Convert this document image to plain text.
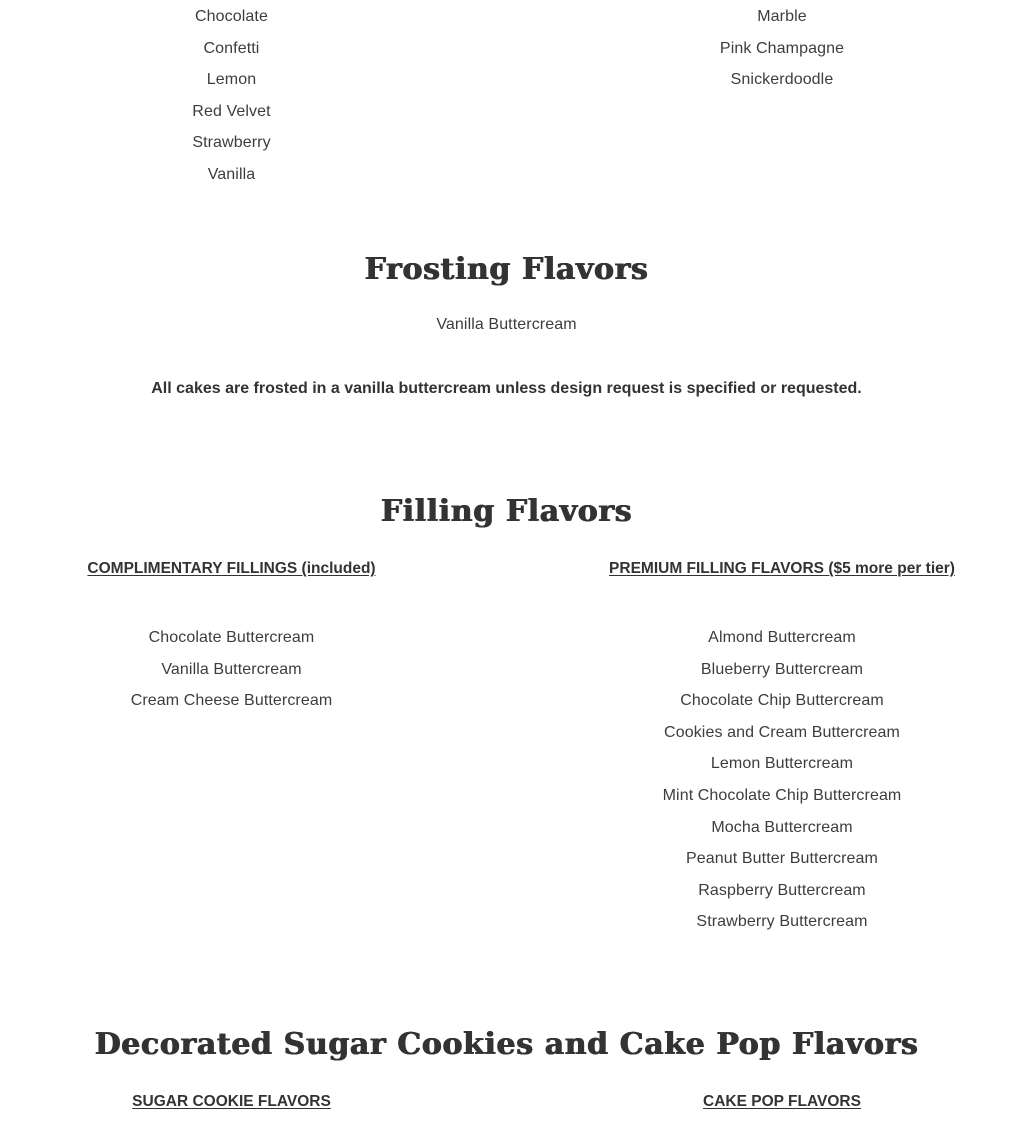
Chocolate
Confetti
Lemon
Red Velvet
Strawberry
Vanilla
Marble
Pink Champagne
Snickerdoodle
Frosting Flavors
Vanilla Buttercream

All cakes are frosted in a vanilla buttercream unless design request is specified or requested.

Filling Flavors
COMPLIMENTARY FILLINGS (included)
Chocolate Buttercream
Vanilla Buttercream
Cream Cheese Buttercream
PREMIUM FILLING FLAVORS ($5 more per tier)
Almond Buttercream
Blueberry Buttercream
Chocolate Chip Buttercream
Cookies and Cream Buttercream
Lemon Buttercream
Mint Chocolate Chip Buttercream
Mocha Buttercream
Peanut Butter Buttercream
Raspberry Buttercream
Strawberry Buttercream
Decorated Sugar Cookies and Cake Pop Flavors
SUGAR COOKIE FLAVORS	CAKE POP FLAVORS
